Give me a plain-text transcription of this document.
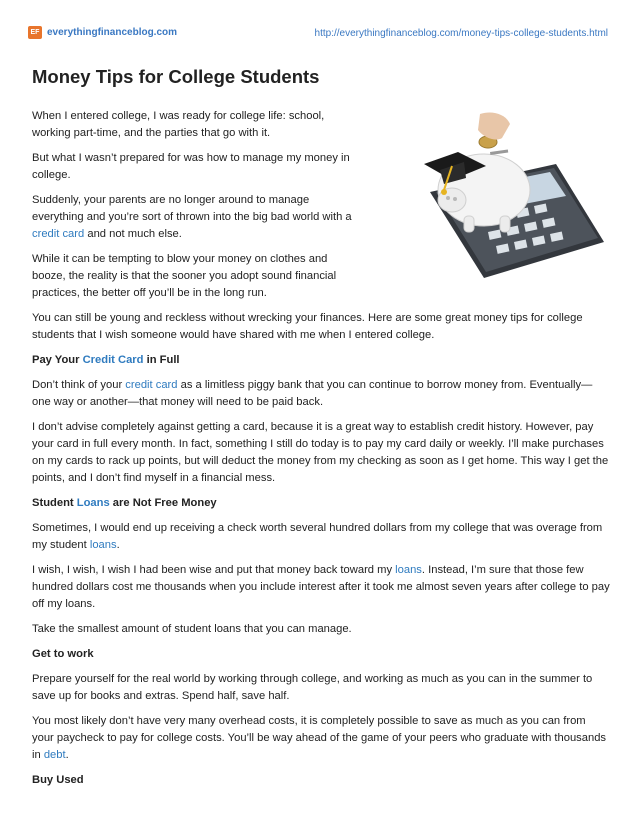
EF everythingfinanceblog.com	http://everythingfinanceblog.com/money-tips-college-students.html
Money Tips for College Students

When I entered college, I was ready for college life: school, working part-time, and the parties that go with it.

But what I wasn’t prepared for was how to manage my money in college.

Suddenly, your parents are no longer around to manage everything and you’re sort of thrown into the big bad world with a credit card and not much else.

While it can be tempting to blow your money on clothes and booze, the reality is that the sooner you adopt sound financial practices, the better off you’ll be in the long run.

You can still be young and reckless without wrecking your finances. Here are some great money tips for college students that I wish someone would have shared with me when I entered college.

Pay Your Credit Card in Full

Don’t think of your credit card as a limitless piggy bank that you can continue to borrow money from. Eventually—one way or another—that money will need to be paid back.

I don’t advise completely against getting a card, because it is a great way to establish credit history. However, pay your card in full every month. In fact, something I still do today is to pay my card daily or weekly. I’ll make purchases on my cards to rack up points, but will deduct the money from my checking as soon as I get home. This way I get the points, and I don’t find myself in a financial mess.

Student Loans are Not Free Money

Sometimes, I would end up receiving a check worth several hundred dollars from my college that was overage from my student loans.

I wish, I wish, I wish I had been wise and put that money back toward my loans. Instead, I’m sure that those few hundred dollars cost me thousands when you include interest after it took me almost seven years after college to pay off my loans.

Take the smallest amount of student loans that you can manage.

Get to work

Prepare yourself for the real world by working through college, and working as much as you can in the summer to save up for books and extras. Spend half, save half.

You most likely don’t have very many overhead costs, it is completely possible to save as much as you can from your paycheck to pay for college costs. You’ll be way ahead of the game of your peers who graduate with thousands in debt.

Buy Used
